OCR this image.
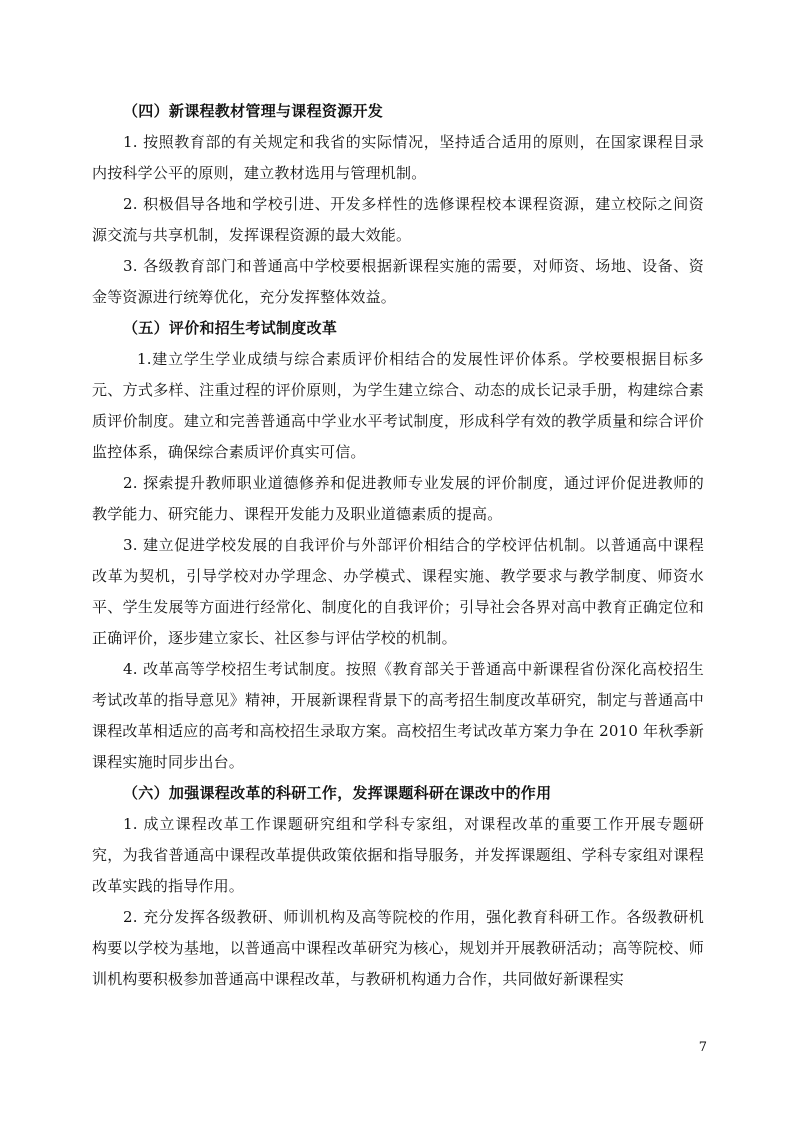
（四）新课程教材管理与课程资源开发

1. 按照教育部的有关规定和我省的实际情况，坚持适合适用的原则，在国家课程目录内按科学公平的原则，建立教材选用与管理机制。

2. 积极倡导各地和学校引进、开发多样性的选修课程校本课程资源，建立校际之间资源交流与共享机制，发挥课程资源的最大效能。

3. 各级教育部门和普通高中学校要根据新课程实施的需要，对师资、场地、设备、资金等资源进行统筹优化，充分发挥整体效益。

（五）评价和招生考试制度改革

1.建立学生学业成绩与综合素质评价相结合的发展性评价体系。学校要根据目标多元、方式多样、注重过程的评价原则，为学生建立综合、动态的成长记录手册，构建综合素质评价制度。建立和完善普通高中学业水平考试制度，形成科学有效的教学质量和综合评价监控体系，确保综合素质评价真实可信。

2. 探索提升教师职业道德修养和促进教师专业发展的评价制度，通过评价促进教师的教学能力、研究能力、课程开发能力及职业道德素质的提高。

3. 建立促进学校发展的自我评价与外部评价相结合的学校评估机制。以普通高中课程改革为契机，引导学校对办学理念、办学模式、课程实施、教学要求与教学制度、师资水平、学生发展等方面进行经常化、制度化的自我评价；引导社会各界对高中教育正确定位和正确评价，逐步建立家长、社区参与评估学校的机制。

4. 改革高等学校招生考试制度。按照《教育部关于普通高中新课程省份深化高校招生考试改革的指导意见》精神，开展新课程背景下的高考招生制度改革研究，制定与普通高中课程改革相适应的高考和高校招生录取方案。高校招生考试改革方案力争在 2010 年秋季新课程实施时同步出台。

（六）加强课程改革的科研工作，发挥课题科研在课改中的作用

1. 成立课程改革工作课题研究组和学科专家组，对课程改革的重要工作开展专题研究，为我省普通高中课程改革提供政策依据和指导服务，并发挥课题组、学科专家组对课程改革实践的指导作用。

2. 充分发挥各级教研、师训机构及高等院校的作用，强化教育科研工作。各级教研机构要以学校为基地，以普通高中课程改革研究为核心，规划并开展教研活动；高等院校、师训机构要积极参加普通高中课程改革，与教研机构通力合作，共同做好新课程实

7
